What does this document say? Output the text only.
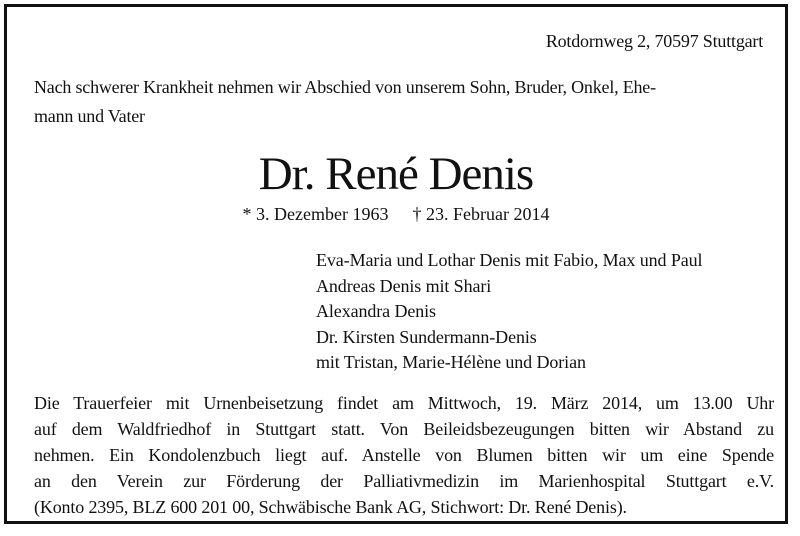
Rotdornweg 2, 70597 Stuttgart
Nach schwerer Krankheit nehmen wir Abschied von unserem Sohn, Bruder, Onkel, Ehe-
mann und Vater
Dr. René Denis
* 3. Dezember 1963 † 23. Februar 2014
Eva-Maria und Lothar Denis mit Fabio, Max und Paul
Andreas Denis mit Shari
Alexandra Denis
Dr. Kirsten Sundermann-Denis
mit Tristan, Marie-Hélène und Dorian
Die Trauerfeier mit Urnenbeisetzung findet am Mittwoch, 19. März 2014, um 13.00 Uhr
auf dem Waldfriedhof in Stuttgart statt. Von Beileidsbezeugungen bitten wir Abstand zu
nehmen. Ein Kondolenzbuch liegt auf. Anstelle von Blumen bitten wir um eine Spende
an den Verein zur Förderung der Palliativmedizin im Marienhospital Stuttgart e.V.
(Konto 2395, BLZ 600 201 00, Schwäbische Bank AG, Stichwort: Dr. René Denis).
